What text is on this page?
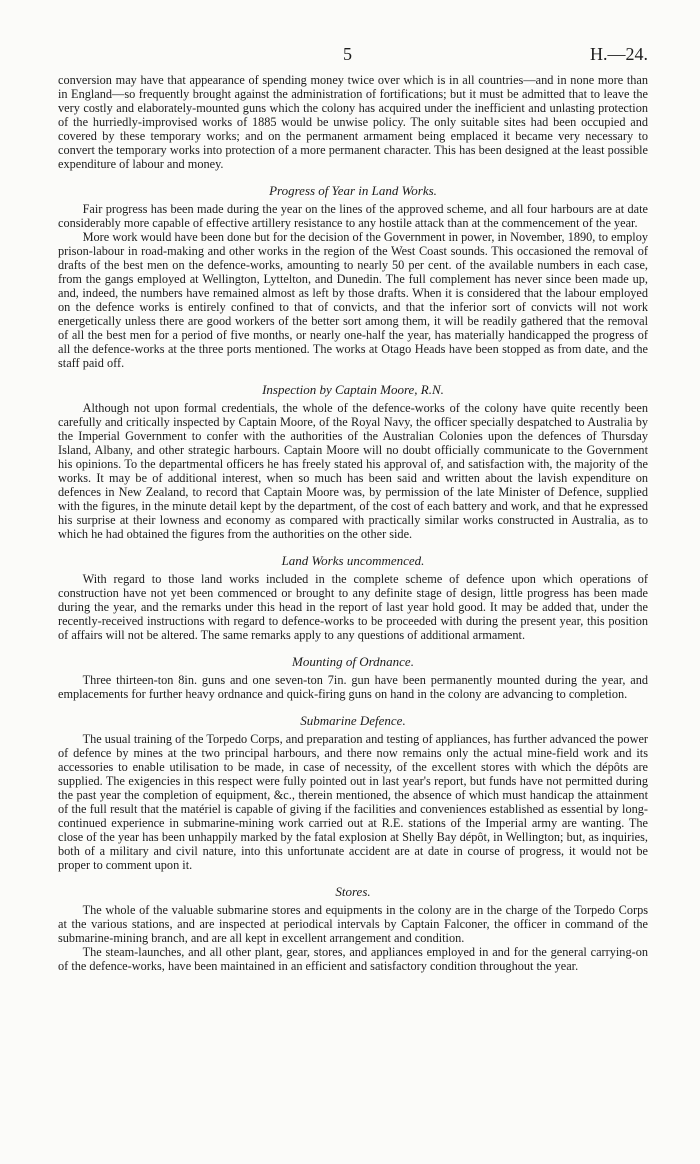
5	H.—24.

conversion may have that appearance of spending money twice over which is in all countries—and in none more than in England—so frequently brought against the administration of fortifications; but it must be admitted that to leave the very costly and elaborately-mounted guns which the colony has acquired under the inefficient and unlasting protection of the hurriedly-improvised works of 1885 would be unwise policy. The only suitable sites had been occupied and covered by these temporary works; and on the permanent armament being emplaced it became very necessary to convert the temporary works into protection of a more permanent character. This has been designed at the least possible expenditure of labour and money.

Progress of Year in Land Works.

Fair progress has been made during the year on the lines of the approved scheme, and all four harbours are at date considerably more capable of effective artillery resistance to any hostile attack than at the commencement of the year.

More work would have been done but for the decision of the Government in power, in November, 1890, to employ prison-labour in road-making and other works in the region of the West Coast sounds. This occasioned the removal of drafts of the best men on the defence-works, amounting to nearly 50 per cent. of the available numbers in each case, from the gangs employed at Wellington, Lyttelton, and Dunedin. The full complement has never since been made up, and, indeed, the numbers have remained almost as left by those drafts. When it is considered that the labour employed on the defence works is entirely confined to that of convicts, and that the inferior sort of convicts will not work energetically unless there are good workers of the better sort among them, it will be readily gathered that the removal of all the best men for a period of five months, or nearly one-half the year, has materially handicapped the progress of all the defence-works at the three ports mentioned. The works at Otago Heads have been stopped as from date, and the staff paid off.

Inspection by Captain Moore, R.N.

Although not upon formal credentials, the whole of the defence-works of the colony have quite recently been carefully and critically inspected by Captain Moore, of the Royal Navy, the officer specially despatched to Australia by the Imperial Government to confer with the authorities of the Australian Colonies upon the defences of Thursday Island, Albany, and other strategic harbours. Captain Moore will no doubt officially communicate to the Government his opinions. To the departmental officers he has freely stated his approval of, and satisfaction with, the majority of the works. It may be of additional interest, when so much has been said and written about the lavish expenditure on defences in New Zealand, to record that Captain Moore was, by permission of the late Minister of Defence, supplied with the figures, in the minute detail kept by the department, of the cost of each battery and work, and that he expressed his surprise at their lowness and economy as compared with practically similar works constructed in Australia, as to which he had obtained the figures from the authorities on the other side.

Land Works uncommenced.

With regard to those land works included in the complete scheme of defence upon which operations of construction have not yet been commenced or brought to any definite stage of design, little progress has been made during the year, and the remarks under this head in the report of last year hold good. It may be added that, under the recently-received instructions with regard to defence-works to be proceeded with during the present year, this position of affairs will not be altered. The same remarks apply to any questions of additional armament.

Mounting of Ordnance.

Three thirteen-ton 8in. guns and one seven-ton 7in. gun have been permanently mounted during the year, and emplacements for further heavy ordnance and quick-firing guns on hand in the colony are advancing to completion.

Submarine Defence.

The usual training of the Torpedo Corps, and preparation and testing of appliances, has further advanced the power of defence by mines at the two principal harbours, and there now remains only the actual mine-field work and its accessories to enable utilisation to be made, in case of necessity, of the excellent stores with which the dépôts are supplied. The exigencies in this respect were fully pointed out in last year's report, but funds have not permitted during the past year the completion of equipment, &c., therein mentioned, the absence of which must handicap the attainment of the full result that the matériel is capable of giving if the facilities and conveniences established as essential by long-continued experience in submarine-mining work carried out at R.E. stations of the Imperial army are wanting. The close of the year has been unhappily marked by the fatal explosion at Shelly Bay dépôt, in Wellington; but, as inquiries, both of a military and civil nature, into this unfortunate accident are at date in course of progress, it would not be proper to comment upon it.

Stores.

The whole of the valuable submarine stores and equipments in the colony are in the charge of the Torpedo Corps at the various stations, and are inspected at periodical intervals by Captain Falconer, the officer in command of the submarine-mining branch, and are all kept in excellent arrangement and condition.

The steam-launches, and all other plant, gear, stores, and appliances employed in and for the general carrying-on of the defence-works, have been maintained in an efficient and satisfactory condition throughout the year.
